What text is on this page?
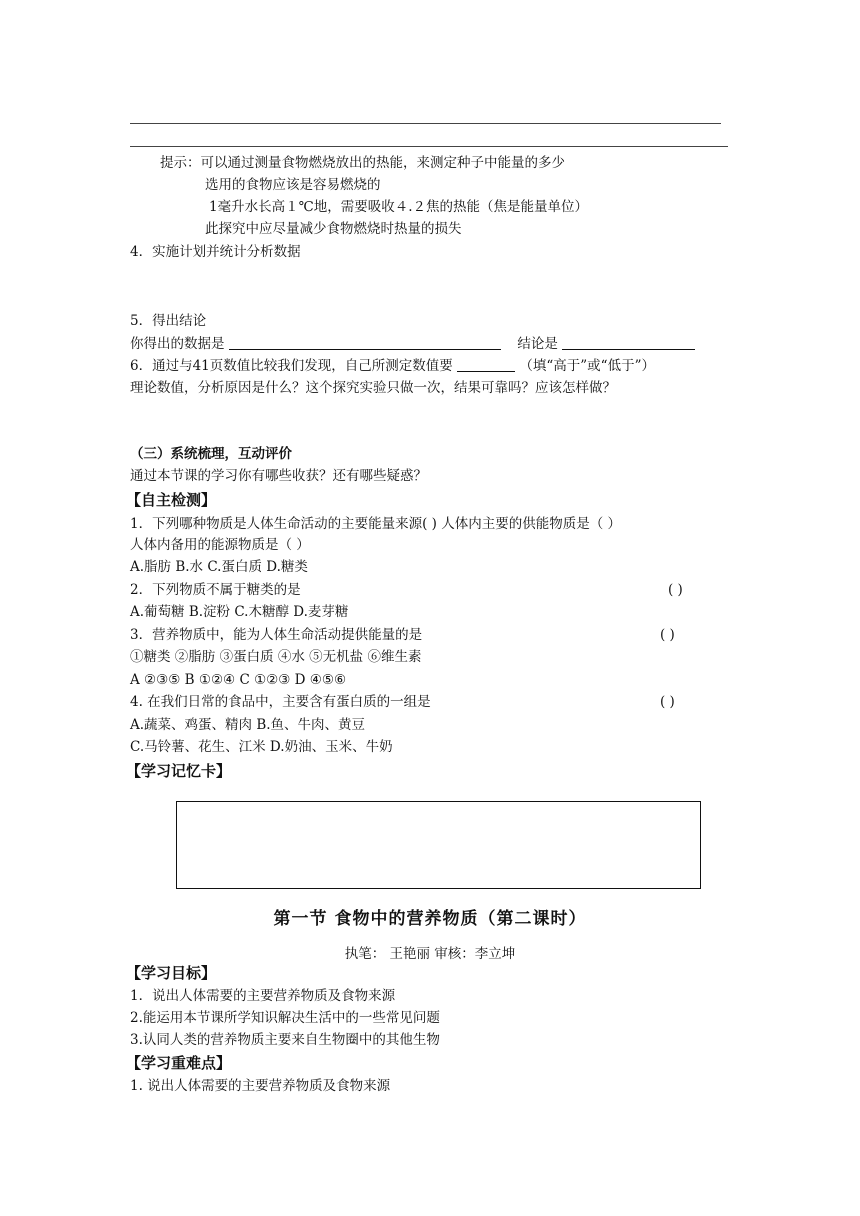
提示：可以通过测量食物燃烧放出的热能，来测定种子中能量的多少
选用的食物应该是容易燃烧的
1毫升水长高１℃地，需要吸收４.２焦的热能（焦是能量单位）
此探究中应尽量减少食物燃烧时热量的损失
4．实施计划并统计分析数据
5．得出结论
你得出的数据是	结论是
6．通过与41页数值比较我们发现，自己所测定数值要	（填“高于”或“低于”）
理论数值，分析原因是什么？这个探究实验只做一次，结果可靠吗？应该怎样做？
（三）系统梳理，互动评价
通过本节课的学习你有哪些收获？还有哪些疑惑？
【自主检测】
1．下列哪种物质是人体生命活动的主要能量来源( ) 人体内主要的供能物质是（ ）
人体内备用的能源物质是（ ）
A.脂肪 B.水 C.蛋白质 D.糖类
2．下列物质不属于糖类的是	( )
A.葡萄糖 B.淀粉 C.木糖醇 D.麦芽糖
3．营养物质中，能为人体生命活动提供能量的是	( )
①糖类 ②脂肪 ③蛋白质 ④水 ⑤无机盐 ⑥维生素
A ②③⑤ B ①②④ C ①②③ D ④⑤⑥
4. 在我们日常的食品中，主要含有蛋白质的一组是	( )
A.蔬菜、鸡蛋、精肉 B.鱼、牛肉、黄豆
C.马铃薯、花生、江米 D.奶油、玉米、牛奶
【学习记忆卡】
第一节 食物中的营养物质（第二课时）
执笔： 王艳丽 审核：李立坤
【学习目标】
1．说出人体需要的主要营养物质及食物来源
2.能运用本节课所学知识解决生活中的一些常见问题
3.认同人类的营养物质主要来自生物圈中的其他生物
【学习重难点】
1. 说出人体需要的主要营养物质及食物来源
